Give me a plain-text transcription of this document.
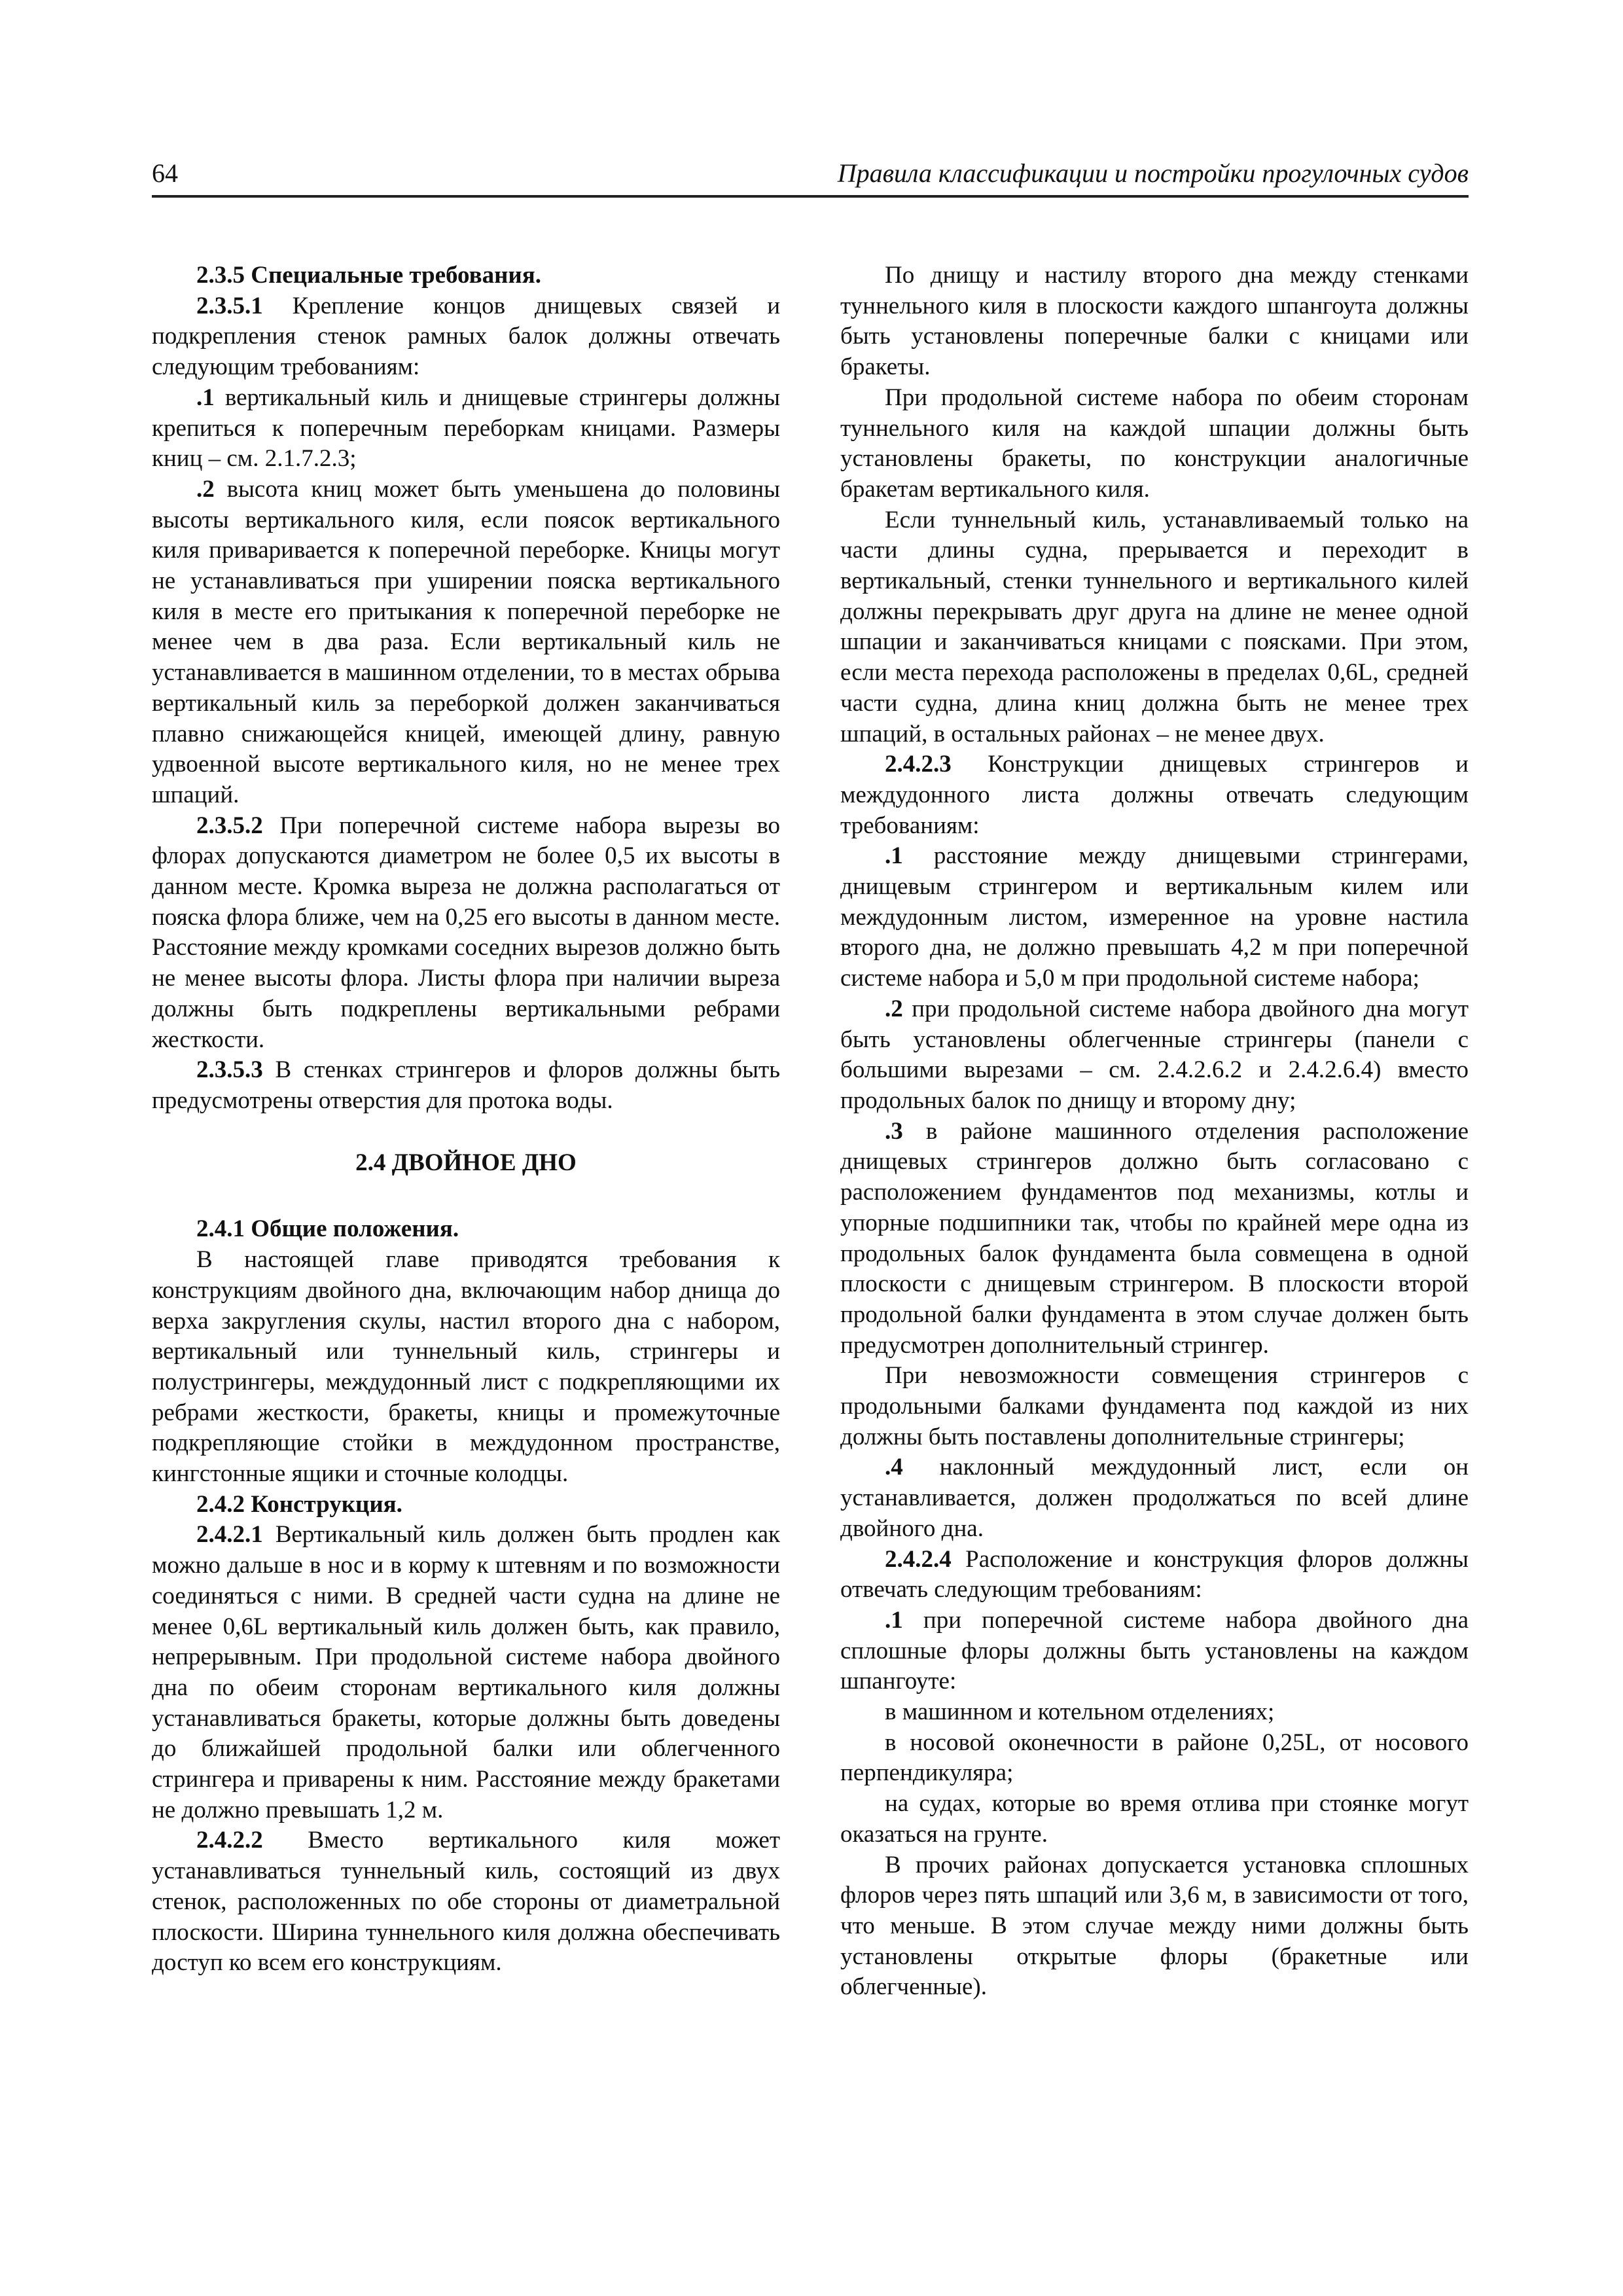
64	Правила классификации и постройки прогулочных судов

2.3.5 Специальные требования.

2.3.5.1 Крепление концов днищевых связей и подкрепления стенок рамных балок должны отвечать следующим требованиям:

.1 вертикальный киль и днищевые стрингеры должны крепиться к поперечным переборкам кницами. Размеры книц – см. 2.1.7.2.3;

.2 высота книц может быть уменьшена до половины высоты вертикального киля, если поясок вертикального киля приваривается к поперечной переборке. Кницы могут не устанавливаться при уширении пояска вертикального киля в месте его притыкания к поперечной переборке не менее чем в два раза. Если вертикальный киль не устанавливается в машинном отделении, то в местах обрыва вертикальный киль за переборкой должен заканчиваться плавно снижающейся кницей, имеющей длину, равную удвоенной высоте вертикального киля, но не менее трех шпаций.

2.3.5.2 При поперечной системе набора вырезы во флорах допускаются диаметром не более 0,5 их высоты в данном месте. Кромка выреза не должна располагаться от пояска флора ближе, чем на 0,25 его высоты в данном месте. Расстояние между кромками соседних вырезов должно быть не менее высоты флора. Листы флора при наличии выреза должны быть подкреплены вертикальными ребрами жесткости.

2.3.5.3 В стенках стрингеров и флоров должны быть предусмотрены отверстия для протока воды.

2.4 ДВОЙНОЕ ДНО

2.4.1 Общие положения.

В настоящей главе приводятся требования к конструкциям двойного дна, включающим набор днища до верха закругления скулы, настил второго дна с набором, вертикальный или туннельный киль, стрингеры и полустрингеры, междудонный лист с подкрепляющими их ребрами жесткости, бракеты, кницы и промежуточные подкрепляющие стойки в междудонном пространстве, кингстонные ящики и сточные колодцы.

2.4.2 Конструкция.

2.4.2.1 Вертикальный киль должен быть продлен как можно дальше в нос и в корму к штевням и по возможности соединяться с ними. В средней части судна на длине не менее 0,6L вертикальный киль должен быть, как правило, непрерывным. При продольной системе набора двойного дна по обеим сторонам вертикального киля должны устанавливаться бракеты, которые должны быть доведены до ближайшей продольной балки или облегченного стрингера и приварены к ним. Расстояние между бракетами не должно превышать 1,2 м.

2.4.2.2 Вместо вертикального киля может устанавливаться туннельный киль, состоящий из двух стенок, расположенных по обе стороны от диаметральной плоскости. Ширина туннельного киля должна обеспечивать доступ ко всем его конструкциям.

По днищу и настилу второго дна между стенками туннельного киля в плоскости каждого шпангоута должны быть установлены поперечные балки с кницами или бракеты.

При продольной системе набора по обеим сторонам туннельного киля на каждой шпации должны быть установлены бракеты, по конструкции аналогичные бракетам вертикального киля.

Если туннельный киль, устанавливаемый только на части длины судна, прерывается и переходит в вертикальный, стенки туннельного и вертикального килей должны перекрывать друг друга на длине не менее одной шпации и заканчиваться кницами с поясками. При этом, если места перехода расположены в пределах 0,6L, средней части судна, длина книц должна быть не менее трех шпаций, в остальных районах – не менее двух.

2.4.2.3 Конструкции днищевых стрингеров и междудонного листа должны отвечать следующим требованиям:

.1 расстояние между днищевыми стрингерами, днищевым стрингером и вертикальным килем или междудонным листом, измеренное на уровне настила второго дна, не должно превышать 4,2 м при поперечной системе набора и 5,0 м при продольной системе набора;

.2 при продольной системе набора двойного дна могут быть установлены облегченные стрингеры (панели с большими вырезами – см. 2.4.2.6.2 и 2.4.2.6.4) вместо продольных балок по днищу и второму дну;

.3 в районе машинного отделения расположение днищевых стрингеров должно быть согласовано с расположением фундаментов под механизмы, котлы и упорные подшипники так, чтобы по крайней мере одна из продольных балок фундамента была совмещена в одной плоскости с днищевым стрингером. В плоскости второй продольной балки фундамента в этом случае должен быть предусмотрен дополнительный стрингер.

При невозможности совмещения стрингеров с продольными балками фундамента под каждой из них должны быть поставлены дополнительные стрингеры;

.4 наклонный междудонный лист, если он устанавливается, должен продолжаться по всей длине двойного дна.

2.4.2.4 Расположение и конструкция флоров должны отвечать следующим требованиям:

.1 при поперечной системе набора двойного дна сплошные флоры должны быть установлены на каждом шпангоуте:

в машинном и котельном отделениях;

в носовой оконечности в районе 0,25L, от носового перпендикуляра;

на судах, которые во время отлива при стоянке могут оказаться на грунте.

В прочих районах допускается установка сплошных флоров через пять шпаций или 3,6 м, в зависимости от того, что меньше. В этом случае между ними должны быть установлены открытые флоры (бракетные или облегченные).
